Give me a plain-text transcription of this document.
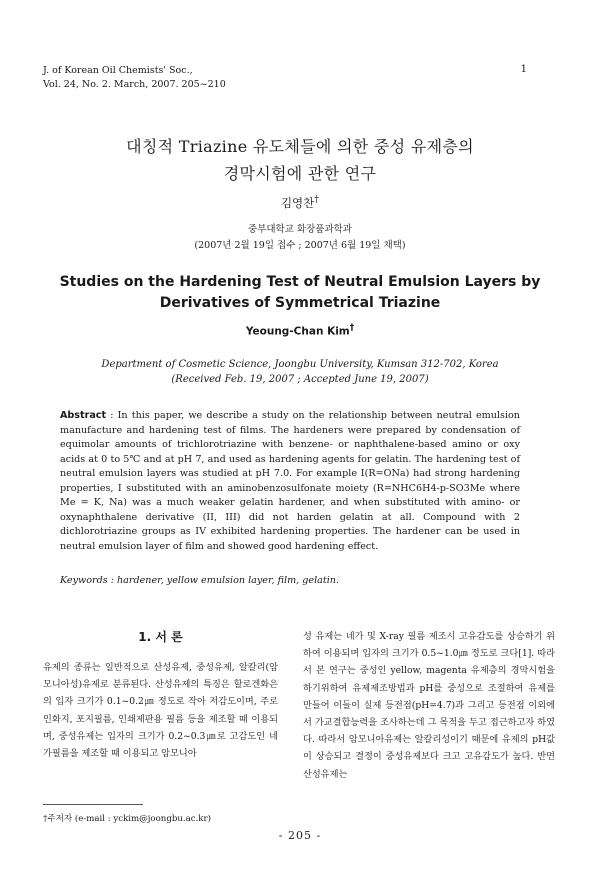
J. of Korean Oil Chemists' Soc.,
Vol. 24, No. 2. March, 2007. 205~210
1
대칭적 Triazine 유도체들에 의한 중성 유제층의
경막시험에 관한 연구
김영찬†
중부대학교 화장품과학과
(2007년 2월 19일 접수 ; 2007년 6월 19일 채택)
Studies on the Hardening Test of Neutral Emulsion Layers by
Derivatives of Symmetrical Triazine
Yeoung-Chan Kim†
Department of Cosmetic Science, Joongbu University, Kumsan 312-702, Korea
(Received Feb. 19, 2007 ; Accepted June 19, 2007)
Abstract : In this paper, we describe a study on the relationship between neutral emulsion manufacture and hardening test of films. The hardeners were prepared by condensation of equimolar amounts of trichlorotriazine with benzene- or naphthalene-based amino or oxy acids at 0 to 5℃ and at pH 7, and used as hardening agents for gelatin. The hardening test of neutral emulsion layers was studied at pH 7.0. For example I(R=ONa) had strong hardening properties, I substituted with an aminobenzosulfonate moiety (R=NHC6H4-p-SO3Me where Me = K, Na) was a much weaker gelatin hardener, and when substituted with amino- or oxynaphthalene derivative (II, III) did not harden gelatin at all. Compound with 2 dichlorotriazine groups as IV exhibited hardening properties. The hardener can be used in neutral emulsion layer of film and showed good hardening effect.
Keywords : hardener, yellow emulsion layer, film, gelatin.
1. 서 론
유제의 종류는 일반적으로 산성유제, 중성유제, 알칼리(암모니아성)유제로 분류된다. 산성유제의 특징은 할로겐화은의 입자 크기가 0.1~0.2㎛ 정도로 작아 저감도이며, 주로 인화지, 포지필름, 인쇄제판용 필름 등을 제조할 때 이용되며, 중성유제는 입자의 크기가 0.2~0.3㎛로 고감도인 네가필름을 제조할 때 이용되고 암모니아
성 유제는 네가 및 X-ray 필름 제조시 고유감도를 상승하기 위하여 이용되며 입자의 크기가 0.5~1.0㎛ 정도로 크다[1]. 따라서 본 연구는 중성인 yellow, magenta 유제층의 경막시험을 하기위하여 유제제조방법과 pH를 중성으로 조절하여 유제를 만들어 이들이 실제 등전점(pH=4.7)과 그리고 등전점 이외에서 가교결합능력을 조사하는데 그 목적을 두고 접근하고자 하였다. 따라서 암모니아유제는 알칼리성이기 때문에 유제의 pH값이 상승되고 결정이 중성유제보다 크고 고유감도가 높다. 반면 산성유제는
†주저자 (e-mail : yckim@joongbu.ac.kr)
- 205 -
